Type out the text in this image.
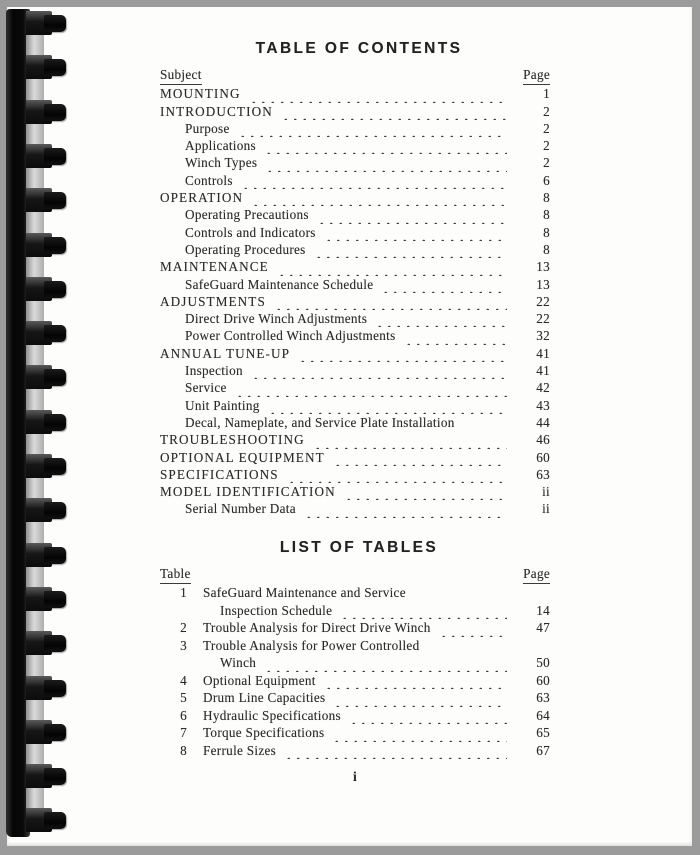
TABLE OF CONTENTS
Subject	Page
MOUNTING	1
INTRODUCTION	2
Purpose	2
Applications	2
Winch Types	2
Controls	6
OPERATION	8
Operating Precautions	8
Controls and Indicators	8
Operating Procedures	8
MAINTENANCE	13
SafeGuard Maintenance Schedule	13
ADJUSTMENTS	22
Direct Drive Winch Adjustments	22
Power Controlled Winch Adjustments	32
ANNUAL TUNE-UP	41
Inspection	41
Service	42
Unit Painting	43
Decal, Nameplate, and Service Plate Installation	44
TROUBLESHOOTING	46
OPTIONAL EQUIPMENT	60
SPECIFICATIONS	63
MODEL IDENTIFICATION	ii
Serial Number Data	ii
LIST OF TABLES
Table	Page
1	SafeGuard Maintenance and Service
Inspection Schedule	14
2	Trouble Analysis for Direct Drive Winch	47
3	Trouble Analysis for Power Controlled
Winch	50
4	Optional Equipment	60
5	Drum Line Capacities	63
6	Hydraulic Specifications	64
7	Torque Specifications	65
8	Ferrule Sizes	67
i
